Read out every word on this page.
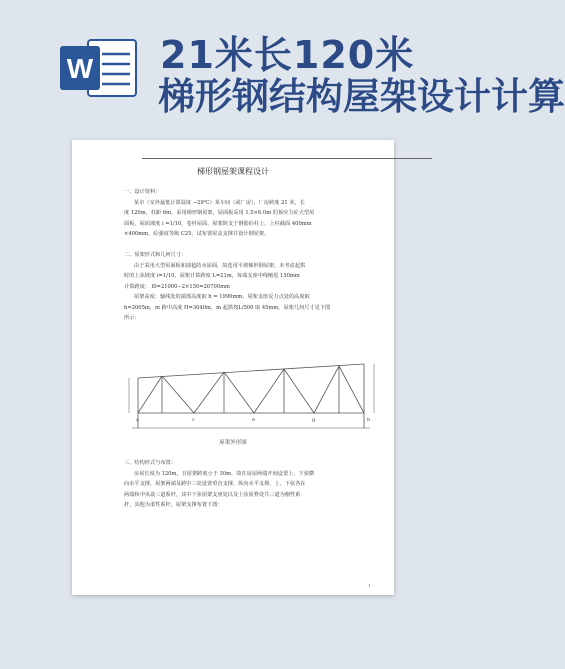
W 21米长120米
梯形钢结构屋架设计计算

梯形钢屋架课程设计

一、设计资料：
某市（室外最低计算温度 −29℃）某车间（或厂房），厂房跨度 21 米，长
度 120m，柱距 6m，采用梯形钢屋架，屋面板采用 1.5×6.0m 的预应力砼大型屋
面板，屋面坡度 i =1/10，卷材屋面，屋架简支于钢筋砼柱上，上柱截面 400mm
×400mm，砼强度等级 C25，试布置屋盖支撑并设计钢屋架。
二、屋架形式和几何尺寸：
由于采用大型屋面板和油毡防水屋面，故选用平坡梯形钢屋架，未考虑起拱
时的上弦坡度 i=1/10。屋架计算跨度 L=21m，每端支座中线缩进 150mm
计算跨度： l0=21000−2×150=20700mm
屋架高度：轴线处的端部高度取 h = 1990mm，屋架支座反力点处的高度取
h=2005m，m 跨中高度 H=3040m，m 起拱按L/500 取 45mm，屋架几何尺寸见下图
所示：
a	c	e	g	h

屋架外形图

三、结构形式与布置：
房屋长度为 120m，且屋架跨度小于 30m，故在房屋两端开间设置上、下弦横
向水平支撑，屋架两端及跨中三处设置垂直支撑，纵向水平支撑，上、下弦各在
两端和中央设三道系杆，其中下弦屋架支座处以及上弦屋脊处共三道为刚性系
杆，其他为柔性系杆，屋架支撑布置下图：
1
